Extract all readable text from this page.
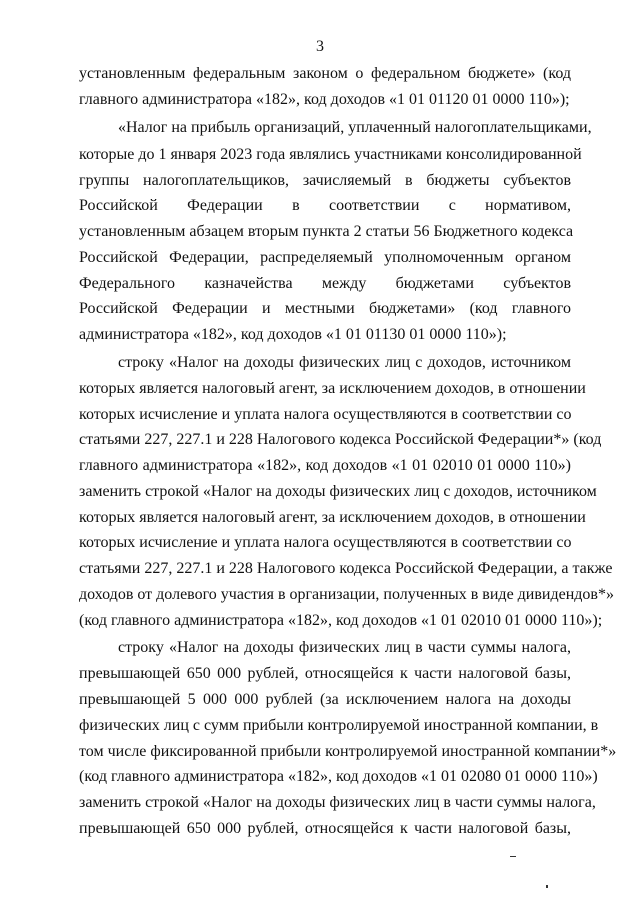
3
установленным федеральным законом о федеральном бюджете» (код
главного администратора «182», код доходов «1 01 01120 01 0000 110»);
«Налог на прибыль организаций, уплаченный налогоплательщиками,
которые до 1 января 2023 года являлись участниками консолидированной
группы налогоплательщиков, зачисляемый в бюджеты субъектов
Российской Федерации в соответствии с нормативом,
установленным абзацем вторым пункта 2 статьи 56 Бюджетного кодекса
Российской Федерации, распределяемый уполномоченным органом
Федерального казначейства между бюджетами субъектов
Российской Федерации и местными бюджетами» (код главного
администратора «182», код доходов «1 01 01130 01 0000 110»);
строку «Налог на доходы физических лиц с доходов, источником
которых является налоговый агент, за исключением доходов, в отношении
которых исчисление и уплата налога осуществляются в соответствии со
статьями 227, 227.1 и 228 Налогового кодекса Российской Федерации*» (код
главного администратора «182», код доходов «1 01 02010 01 0000 110»)
заменить строкой «Налог на доходы физических лиц с доходов, источником
которых является налоговый агент, за исключением доходов, в отношении
которых исчисление и уплата налога осуществляются в соответствии со
статьями 227, 227.1 и 228 Налогового кодекса Российской Федерации, а также
доходов от долевого участия в организации, полученных в виде дивидендов*»
(код главного администратора «182», код доходов «1 01 02010 01 0000 110»);
строку «Налог на доходы физических лиц в части суммы налога,
превышающей 650 000 рублей, относящейся к части налоговой базы,
превышающей 5 000 000 рублей (за исключением налога на доходы
физических лиц с сумм прибыли контролируемой иностранной компании, в
том числе фиксированной прибыли контролируемой иностранной компании*»
(код главного администратора «182», код доходов «1 01 02080 01 0000 110»)
заменить строкой «Налог на доходы физических лиц в части суммы налога,
превышающей 650 000 рублей, относящейся к части налоговой базы,
